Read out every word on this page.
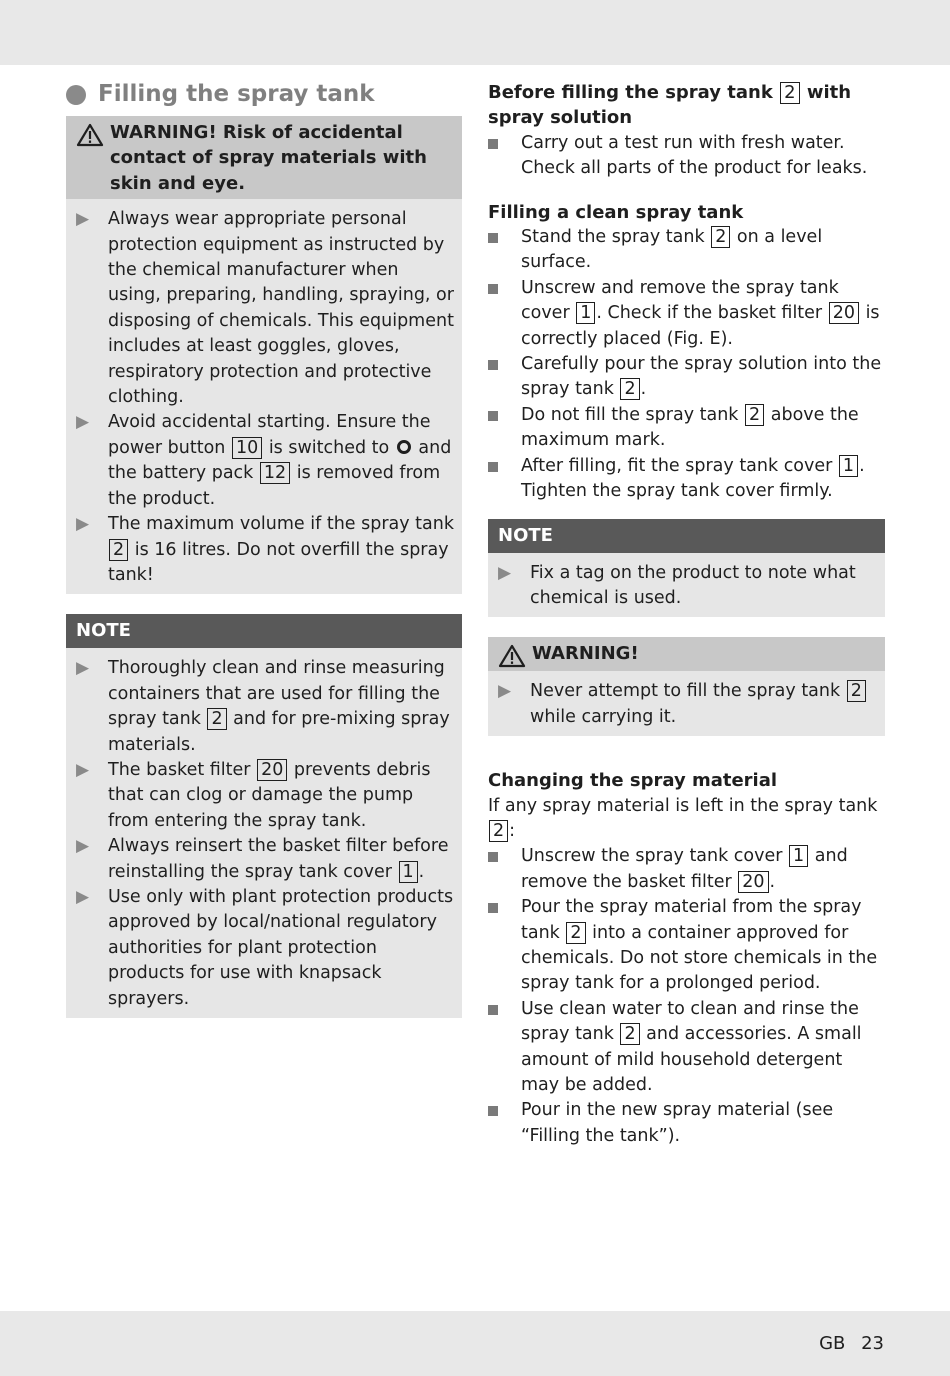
Filling the spray tank
WARNING! Risk of accidental contact of spray materials with skin and eye.
▶	Always wear appropriate personal protection equipment as instructed by the chemical manufacturer when using, preparing, handling, spraying, or disposing of chemicals. This equipment includes at least goggles, gloves, respiratory protection and protective clothing.
▶	Avoid accidental starting. Ensure the power button 10 is switched to and the battery pack 12 is removed from the product.
▶	The maximum volume if the spray tank 2 is 16 litres. Do not overfill the spray tank!
NOTE
▶	Thoroughly clean and rinse measuring containers that are used for filling the spray tank 2 and for pre-mixing spray materials.
▶	The basket filter 20 prevents debris that can clog or damage the pump from entering the spray tank.
▶	Always reinsert the basket filter before reinstalling the spray tank cover 1 .
▶	Use only with plant protection products approved by local/national regulatory authorities for plant protection products for use with knapsack sprayers.
Before filling the spray tank 2 with spray solution
Carry out a test run with fresh water. Check all parts of the product for leaks.
Filling a clean spray tank
Stand the spray tank 2 on a level surface.
Unscrew and remove the spray tank cover 1 . Check if the basket filter 20 is correctly placed (Fig. E).
Carefully pour the spray solution into the spray tank 2 .
Do not fill the spray tank 2 above the maximum mark.
After filling, fit the spray tank cover 1 . Tighten the spray tank cover firmly.
NOTE
▶	Fix a tag on the product to note what chemical is used.
WARNING!
▶	Never attempt to fill the spray tank 2 while carrying it.
Changing the spray material
If any spray material is left in the spray tank 2 :
Unscrew the spray tank cover 1 and remove the basket filter 20 .
Pour the spray material from the spray tank 2 into a container approved for chemicals. Do not store chemicals in the spray tank for a prolonged period.
Use clean water to clean and rinse the spray tank 2 and accessories. A small amount of mild household detergent may be added.
Pour in the new spray material (see “Filling the tank”).
GB 23
